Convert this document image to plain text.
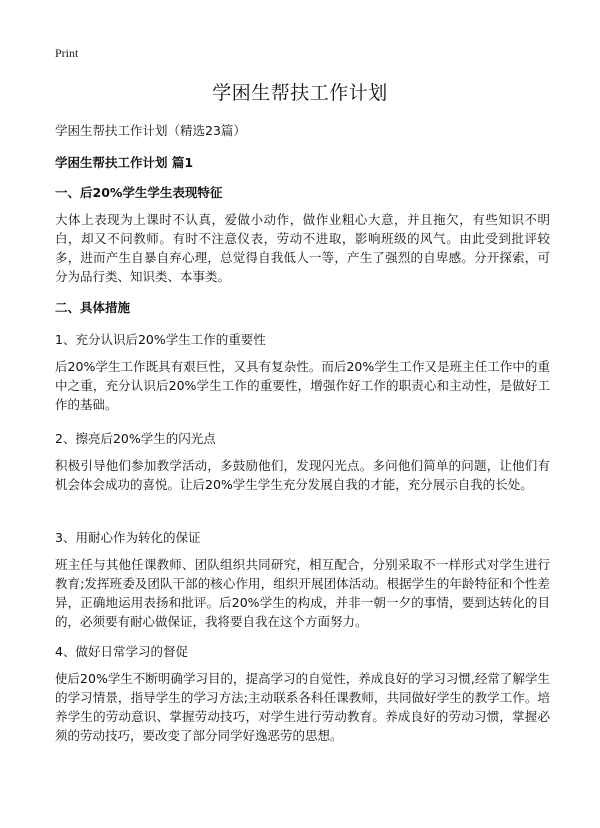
Print
学困生帮扶工作计划
学困生帮扶工作计划（精选23篇）
学困生帮扶工作计划 篇1
一、后20%学生学生表现特征

大体上表现为上课时不认真，爱做小动作，做作业粗心大意，并且拖欠，有些知识不明白，却又不问教师。有时不注意仪表，劳动不进取，影响班级的风气。由此受到批评较多，进而产生自暴自弃心理，总觉得自我低人一等，产生了强烈的自卑感。分开探索，可分为品行类、知识类、本事类。

二、具体措施
1、充分认识后20%学生工作的重要性

后20%学生工作既具有艰巨性，又具有复杂性。而后20%学生工作又是班主任工作中的重中之重，充分认识后20%学生工作的重要性，增强作好工作的职责心和主动性，是做好工作的基础。

2、擦亮后20%学生的闪光点

积极引导他们参加教学活动，多鼓励他们，发现闪光点。多问他们简单的问题，让他们有机会体会成功的喜悦。让后20%学生学生充分发展自我的才能，充分展示自我的长处。

3、用耐心作为转化的保证

班主任与其他任课教师、团队组织共同研究，相互配合，分别采取不一样形式对学生进行教育;发挥班委及团队干部的核心作用，组织开展团体活动。根据学生的年龄特征和个性差异，正确地运用表扬和批评。后20%学生的构成，并非一朝一夕的事情，要到达转化的目的，必须要有耐心做保证，我将要自我在这个方面努力。

4、做好日常学习的督促

使后20%学生不断明确学习目的，提高学习的自觉性，养成良好的学习习惯,经常了解学生的学习情景，指导学生的学习方法;主动联系各科任课教师，共同做好学生的教学工作。培养学生的劳动意识、掌握劳动技巧，对学生进行劳动教育。养成良好的劳动习惯，掌握必须的劳动技巧，要改变了部分同学好逸恶劳的思想。
